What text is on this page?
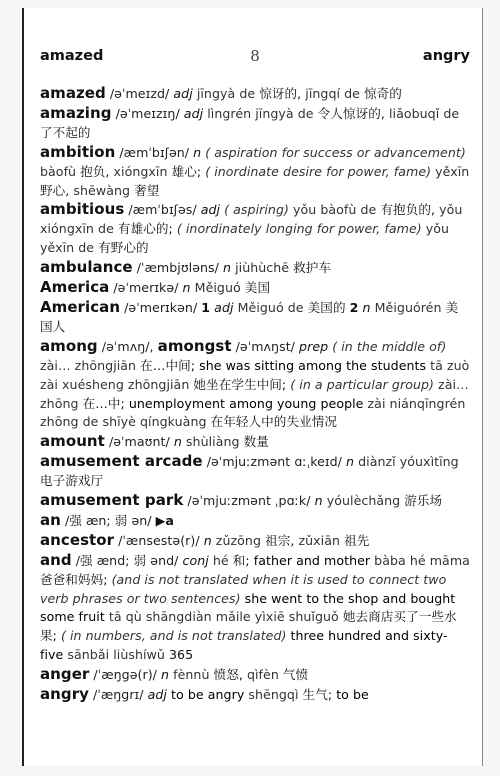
amazed	8	angry

amazed /əˈmeɪzd/ adj jīngyà de 惊讶的, jīngqí de 惊奇的

amazing /əˈmeɪzɪŋ/ adj lìngrén jīngyà de 令人惊讶的, liǎobuqǐ de 了不起的

ambition /æmˈbɪʃən/ n ( aspiration for success or advancement) bàofù 抱负, xióngxīn 雄心; ( inordinate desire for power, fame) yěxīn 野心, shēwàng 奢望

ambitious /æmˈbɪʃəs/ adj ( aspiring) yǒu bàofù de 有抱负的, yǒu xióngxīn de 有雄心的; ( inordinately longing for power, fame) yǒu yěxīn de 有野心的

ambulance /ˈæmbjʊləns/ n jiùhùchē 救护车

America /əˈmerɪkə/ n Měiguó 美国

American /əˈmerɪkən/ 1 adj Měiguó de 美国的 2 n Měiguórén 美国人

among /əˈmʌŋ/, amongst /əˈmʌŋst/ prep ( in the middle of) zài… zhōngjiān 在…中间; she was sitting among the students tā zuò zài xuésheng zhōngjiān 她坐在学生中间; ( in a particular group) zài… zhōng 在…中; unemployment among young people zài niánqīngrén zhōng de shīyè qíngkuàng 在年轻人中的失业情况

amount /əˈmaʊnt/ n shùliàng 数量

amusement arcade /əˈmjuːzmənt ɑːˌkeɪd/ n diànzǐ yóuxìtīng 电子游戏厅

amusement park /əˈmjuːzmənt ˌpɑːk/ n yóulèchǎng 游乐场

an /强 æn; 弱 ən/ ▶a

ancestor /ˈænsestə(r)/ n zǔzōng 祖宗, zǔxiān 祖先

and /强 ænd; 弱 ənd/ conj hé 和; father and mother bàba hé māma 爸爸和妈妈; (and is not translated when it is used to connect two verb phrases or two sentences) she went to the shop and bought some fruit tā qù shāngdiàn mǎile yìxiē shuǐguǒ 她去商店买了一些水果; ( in numbers, and is not translated) three hundred and sixty-five sānbǎi liùshíwǔ 365

anger /ˈæŋgə(r)/ n fènnù 愤怒, qìfèn 气愤

angry /ˈæŋgrɪ/ adj to be angry shēngqì 生气; to be
